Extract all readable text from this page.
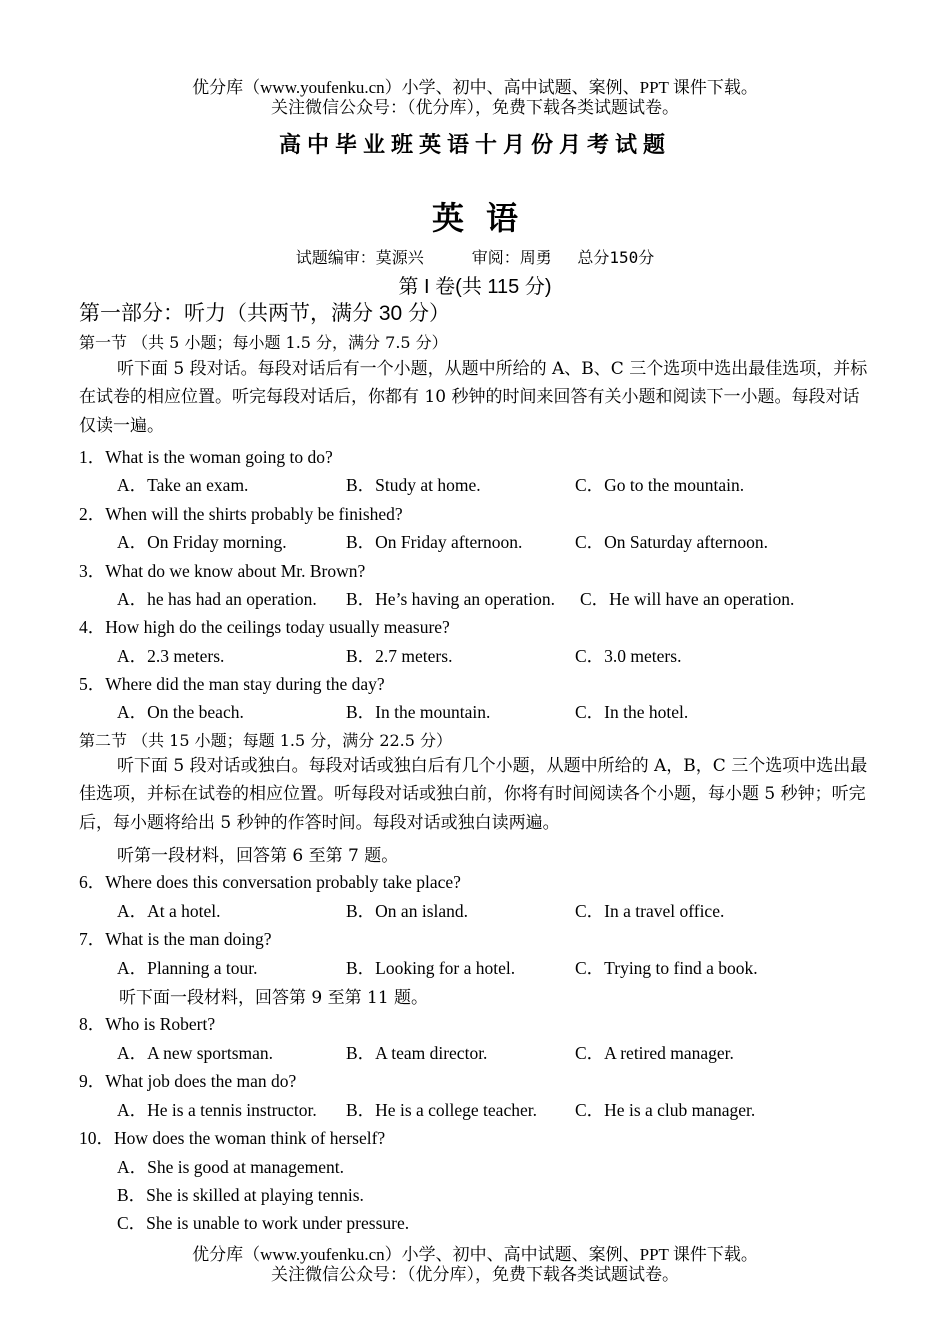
优分库（www.youfenku.cn）小学、初中、高中试题、案例、PPT 课件下载。
关注微信公众号：（优分库），免费下载各类试题试卷。
高中毕业班英语十月份月考试题
英语
试题编审：莫源兴　　　审阅：周勇　 总分150分
第 I 卷(共 115 分)
第一部分：听力（共两节，满分 30 分）
第一节 （共 5 小题；每小题 1.5 分，满分 7.5 分）
听下面 5 段对话。每段对话后有一个小题，从题中所给的 A、B、C 三个选项中选出最佳选项，并标在试卷的相应位置。听完每段对话后，你都有 10 秒钟的时间来回答有关小题和阅读下一小题。每段对话仅读一遍。
1．What is the woman going to do?
A．Take an exam.	B．Study at home.	C．Go to the mountain.
2．When will the shirts probably be finished?
A．On Friday morning.	B．On Friday afternoon.	C．On Saturday afternoon.
3．What do we know about Mr. Brown?
A．he has had an operation. B．He’s having an operation. C．He will have an operation.
4．How high do the ceilings today usually measure?
A．2.3 meters.	B．2.7 meters.	C．3.0 meters.
5．Where did the man stay during the day?
A．On the beach.	B．In the mountain.	C．In the hotel.
第二节 （共 15 小题；每题 1.5 分，满分 22.5 分）
听下面 5 段对话或独白。每段对话或独白后有几个小题，从题中所给的 A，B，C 三个选项中选出最佳选项，并标在试卷的相应位置。听每段对话或独白前，你将有时间阅读各个小题，每小题 5 秒钟；听完后，每小题将给出 5 秒钟的作答时间。每段对话或独白读两遍。
听第一段材料，回答第 6 至第 7 题。
6．Where does this conversation probably take place?
A．At a hotel.	B．On an island.	C．In a travel office.
7．What is the man doing?
A．Planning a tour.	B．Looking for a hotel.	C．Trying to find a book.
听下面一段材料，回答第 9 至第 11 题。
8．Who is Robert?
A．A new sportsman.	B．A team director.	C．A retired manager.
9．What job does the man do?
A．He is a tennis instructor. B．He is a college teacher. C．He is a club manager.
10．How does the woman think of herself?
A．She is good at management.
B．She is skilled at playing tennis.
C．She is unable to work under pressure.
优分库（www.youfenku.cn）小学、初中、高中试题、案例、PPT 课件下载。
关注微信公众号：（优分库），免费下载各类试题试卷。
